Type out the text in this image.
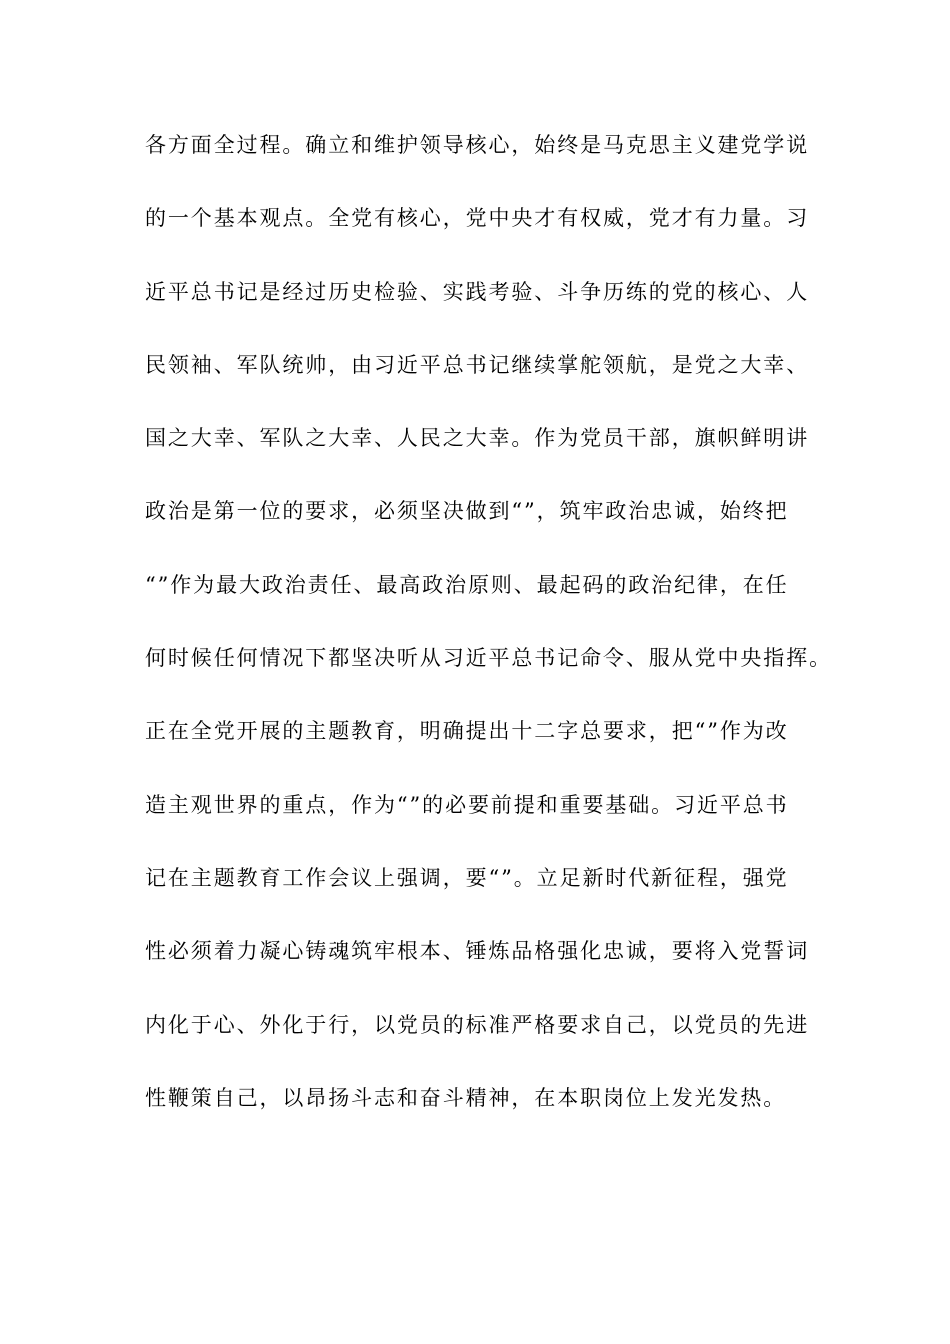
各方面全过程。确立和维护领导核心，始终是马克思主义建党学说
的一个基本观点。全党有核心，党中央才有权威，党才有力量。习
近平总书记是经过历史检验、实践考验、斗争历练的党的核心、人
民领袖、军队统帅，由习近平总书记继续掌舵领航，是党之大幸、
国之大幸、军队之大幸、人民之大幸。作为党员干部，旗帜鲜明讲
政治是第一位的要求，必须坚决做到“”，筑牢政治忠诚，始终把
“”作为最大政治责任、最高政治原则、最起码的政治纪律，在任
何时候任何情况下都坚决听从习近平总书记命令、服从党中央指挥。
正在全党开展的主题教育，明确提出十二字总要求，把“”作为改
造主观世界的重点，作为“”的必要前提和重要基础。习近平总书
记在主题教育工作会议上强调，要“”。立足新时代新征程，强党
性必须着力凝心铸魂筑牢根本、锤炼品格强化忠诚，要将入党誓词
内化于心、外化于行，以党员的标准严格要求自己，以党员的先进
性鞭策自己，以昂扬斗志和奋斗精神，在本职岗位上发光发热。
